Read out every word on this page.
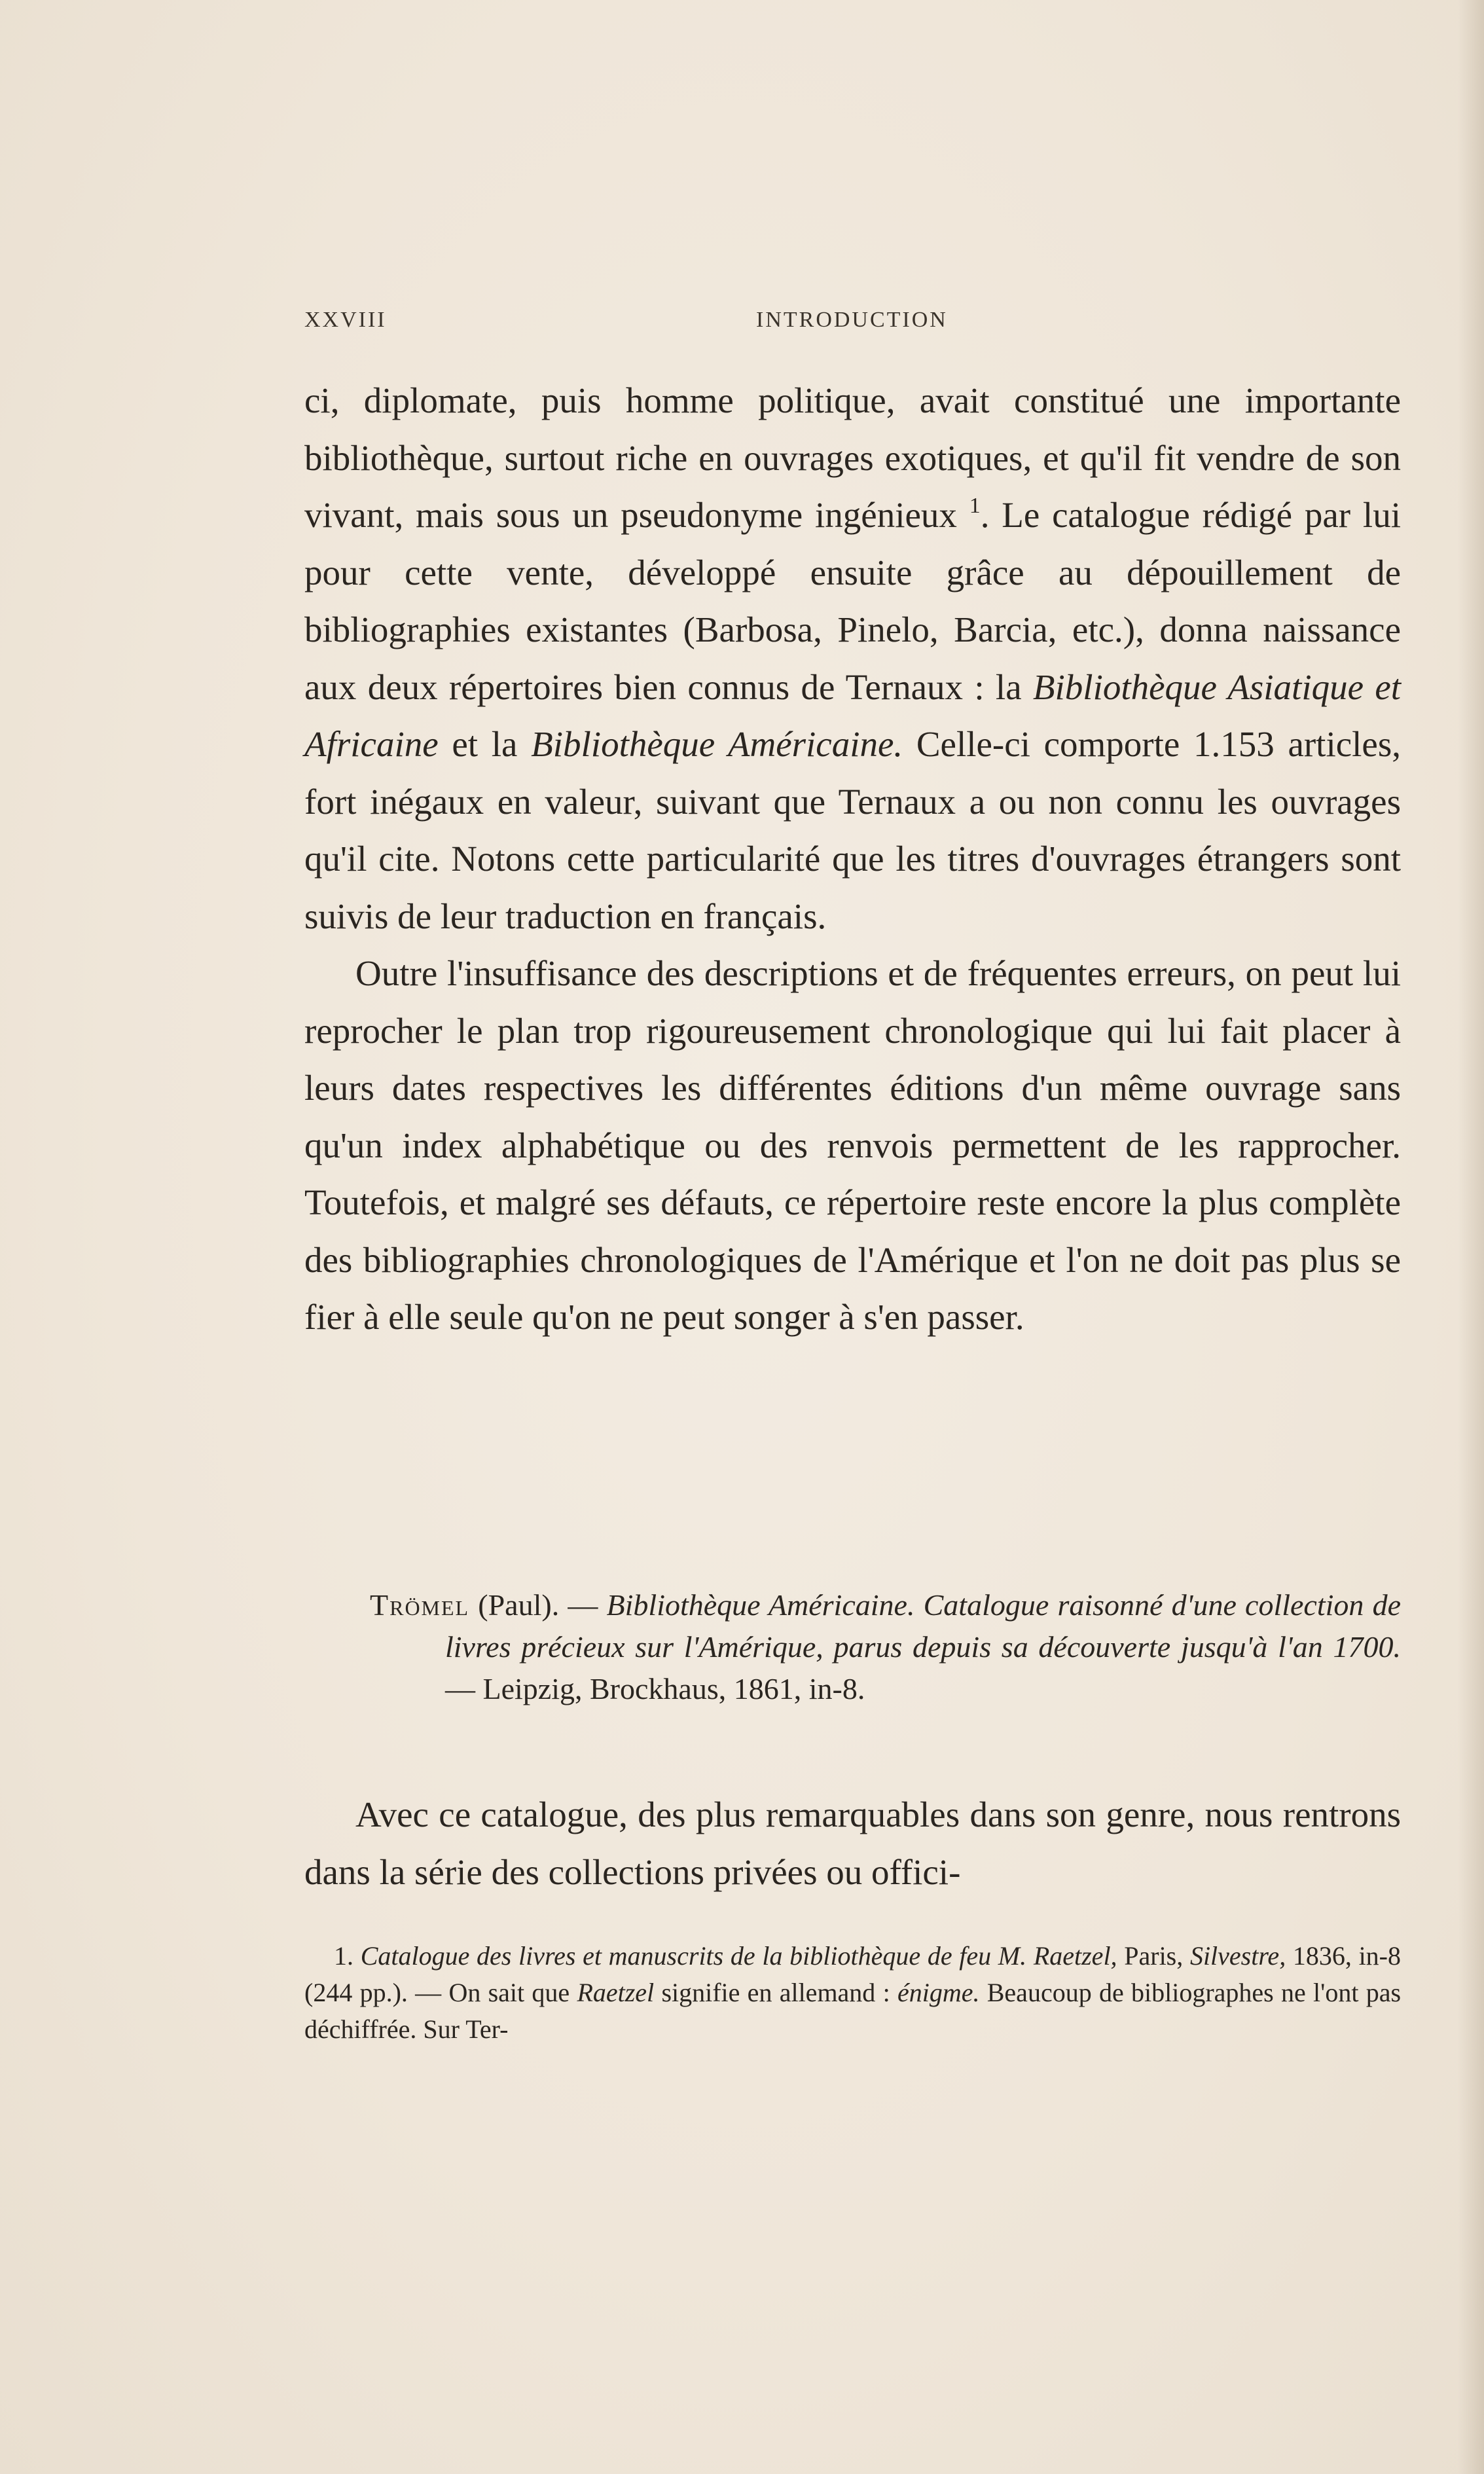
XXVIII	INTRODUCTION

ci, diplomate, puis homme politique, avait constitué une importante bibliothèque, surtout riche en ouvrages exotiques, et qu'il fit vendre de son vivant, mais sous un pseudonyme ingénieux $^1$. Le catalogue rédigé par lui pour cette vente, développé ensuite grâce au dépouillement de bibliographies existantes (Barbosa, Pinelo, Barcia, etc.), donna naissance aux deux répertoires bien connus de Ternaux : la Bibliothèque Asiatique et Africaine et la Bibliothèque Américaine. Celle-ci comporte 1.153 articles, fort inégaux en valeur, suivant que Ternaux a ou non connu les ouvrages qu'il cite. Notons cette particularité que les titres d'ouvrages étrangers sont suivis de leur traduction en français.

Outre l'insuffisance des descriptions et de fréquentes erreurs, on peut lui reprocher le plan trop rigoureusement chronologique qui lui fait placer à leurs dates respectives les différentes éditions d'un même ouvrage sans qu'un index alphabétique ou des renvois permettent de les rapprocher. Toutefois, et malgré ses défauts, ce répertoire reste encore la plus complète des bibliographies chronologiques de l'Amérique et l'on ne doit pas plus se fier à elle seule qu'on ne peut songer à s'en passer.

Trömel (Paul). — Bibliothèque Américaine. Catalogue raisonné d'une collection de livres précieux sur l'Amérique, parus depuis sa découverte jusqu'à l'an 1700. — Leipzig, Brockhaus, 1861, in-8.

Avec ce catalogue, des plus remarquables dans son genre, nous rentrons dans la série des collections privées ou offici-

1. Catalogue des livres et manuscrits de la bibliothèque de feu M. Raetzel, Paris, Silvestre, 1836, in-8 (244 pp.). — On sait que Raetzel signifie en allemand : énigme. Beaucoup de bibliographes ne l'ont pas déchiffrée. Sur Ter-
